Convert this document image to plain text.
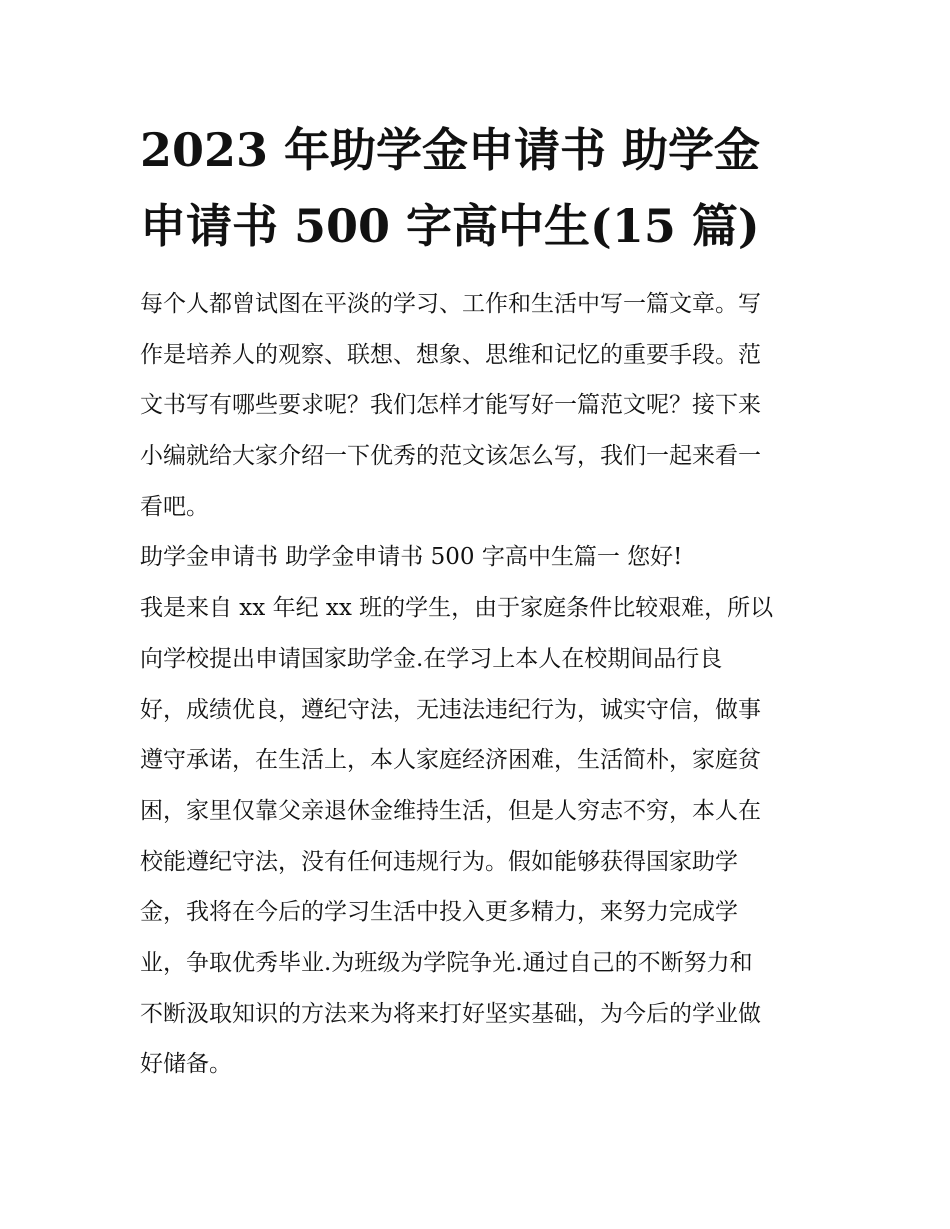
2023 年助学金申请书 助学金
申请书 500 字高中生(15 篇)
每个人都曾试图在平淡的学习、工作和生活中写一篇文章。写
作是培养人的观察、联想、想象、思维和记忆的重要手段。范
文书写有哪些要求呢？我们怎样才能写好一篇范文呢？接下来
小编就给大家介绍一下优秀的范文该怎么写，我们一起来看一
看吧。
助学金申请书 助学金申请书 500 字高中生篇一 您好!
我是来自 xx 年纪 xx 班的学生，由于家庭条件比较艰难，所以
向学校提出申请国家助学金.在学习上本人在校期间品行良
好，成绩优良，遵纪守法，无违法违纪行为，诚实守信，做事
遵守承诺，在生活上，本人家庭经济困难，生活简朴，家庭贫
困，家里仅靠父亲退休金维持生活，但是人穷志不穷，本人在
校能遵纪守法，没有任何违规行为。假如能够获得国家助学
金，我将在今后的学习生活中投入更多精力，来努力完成学
业，争取优秀毕业.为班级为学院争光.通过自己的不断努力和
不断汲取知识的方法来为将来打好坚实基础，为今后的学业做
好储备。
